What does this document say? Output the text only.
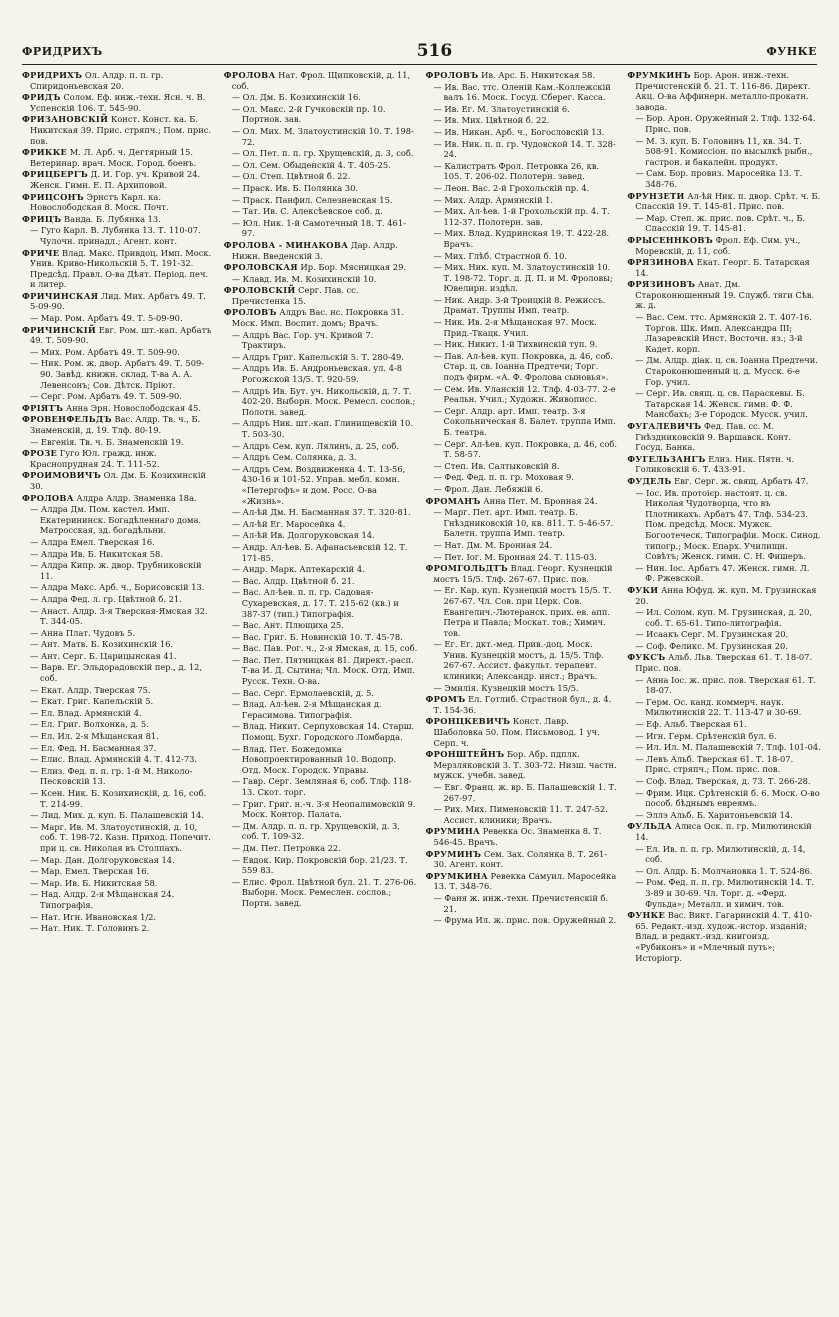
ФРИДРИХЪ	516	ФУНКЕ
ФРИДРИХЪ Ол. Алдр. п. п. гр. Спиридоньевская 20.
ФРИДЪ Солом. Еф. инж.-техн. Ясн. ч. В. Успенскій 106. Т. 545-90.
ФРИЗАНОВСКІЙ Конст. Конст. ка. Б. Никитская 39. Прис. стряпч.; Пом. прис. пов.
ФРИККЕ М. Л. Арб. ч. Дегтярный 15. Ветеринар. врач. Моск. Город. боенъ.
ФРИЦБЕРГЪ Д. И. Гор. уч. Кривой 24. Женск. Гимн. Е. П. Архиповой.
ФРИЦСОНЪ Эрнстъ Карл. ка. Новослободская 8. Моск. Почт.
ФРИЦЪ Ванда. Б. Лубянка 13.
— Гуго Карл. В. Лубянка 13. Т. 110-07. Чулочн. принадл.; Агент. конт.
ФРИЧЕ Влад. Макс. Привдоц. Имп. Моск. Унив. Криво-Никольскій 5. Т. 191-32. Предсѣд. Правл. О-ва Дѣят. Період. печ. и литер.
ФРИЧИНСКАЯ Лид. Мих. Арбатъ 49. Т. 5-09-90.
— Мар. Ром. Арбатъ 49. Т. 5-09-90.
ФРИЧИНСКІЙ Евг. Ром. шт.-кап. Арбатъ 49. Т. 509-90.
— Мих. Ром. Арбатъ 49. Т. 509-90.
— Ник. Ром. ж. двор. Арбатъ 49. Т. 509-90. Завѣд. книжн. склад. Т-ва А. А. Левенсонъ; Сов. Дѣтск. Пріют.
— Серг. Ром. Арбатъ 49. Т. 509-90.
ФРІЯТЪ Анна Эрн. Новослободская 45.
ФРОВЕНФЕЛЬДЪ Вас. Алдр. Тв. ч., Б. Знаменскій, д. 19. Тлф. 80-19.
— Евгенія. Тв. ч. Б. Знаменскій 19.
ФРОЗЕ Гуго Юл. гражд. инж. Краснопрудная 24. Т. 111-52.
ФРОИМОВИЧЪ Ол. Дм. Б. Козихинскій 30.
ФРОЛОВА Алдра Алдр. Знаменка 18а.
— Алдра Дм. Пом. кастел. Имп. Екатерининск. Богадѣленнаго дома. Матросская, зд. богадѣльни.
— Алдра Емел. Тверская 16.
— Алдра Ив. Б. Никитская 58.
— Алдра Кипр. ж. двор. Трубниковскій 11.
— Алдра Макс. Арб. ч., Борисовскій 13.
— Алдра Фед. л. гр. Цвѣтной б. 21.
— Анаст. Алдр. 3-я Тверская-Ямская 32. Т. 344-05.
— Анна Плат. Чудовъ 5.
— Ант. Матв. Б. Козихинскій 16.
— Ант. Серг. Б. Царицынская 41.
— Варв. Ег. Эльдорадовскій пер., д. 12, соб.
— Екат. Алдр. Тверская 75.
— Екат. Григ. Капельскій 5.
— Ел. Влад. Армянскій 4.
— Ел. Григ. Волхонка, д. 5.
— Ел. Ил. 2-я Мѣщанская 81.
— Ел. Фед. Н. Басманная 37.
— Елис. Влад. Армянскій 4. Т. 412-73.
— Елиз. Фед. п. п. гр. 1-й М. Николо-Песковскій 13.
— Ксен. Ник. Б. Козихинскій, д. 16, соб. Т. 214-99.
— Лид. Мих. д. куп. Б. Палашевскій 14.
— Марг. Ив. М. Златоустинскій, д. 10, соб. Т. 198-72. Казн. Приход. Попечит. при ц. св. Николая въ Столпахъ.
— Мар. Дан. Долгоруковская 14.
— Мар. Емел. Тверская 16.
— Мар. Ив. Б. Никитская 58.
— Над. Алдр. 2-я Мѣщанская 24. Типографія.
— Нат. Игн. Ивановская 1/2.
— Нат. Ник. Т. Головинъ 2.
ФРОЛОВА Нат. Фрол. Щипковскій, д. 11, соб.
— Ол. Дм. Б. Козихинскій 16.
— Ол. Макс. 2-й Гучковскій пр. 10. Портнов. зав.
— Ол. Мих. М. Златоустинскій 10. Т. 198-72.
— Ол. Пет. п. п. гр. Хрущевскій, д. 3, соб.
— Ол. Сем. Обыденскій 4. Т. 405-25.
— Ол. Степ. Цвѣтной б. 22.
— Праск. Ив. Б. Полянка 30.
— Праск. Панфил. Селезневская 15.
— Тат. Ив. С. Алексѣевское соб. д.
— Юл. Ник. 1-й Самотечный 18. Т. 461-97.
ФРОЛОВА - МИНАКОВА Дар. Алдр. Нижн. Введенскій 3.
ФРОЛОВСКАЯ Ир. Бор. Мясницкая 29.
— Клавд. Ив. М. Козихинскій 10.
ФРОЛОВСКІЙ Серг. Пав. сс. Пречистенка 15.
ФРОЛОВЪ Алдръ Вас. нс. Покровка 31. Моск. Имп. Воспит. домъ; Врачъ.
— Алдръ Вас. Гор. уч. Кривой 7. Трактиръ.
— Алдръ Григ. Капельскій 5. Т. 280-49.
— Алдръ Ив. Б. Андроньевская. ул. 4-8 Рогожской 13/5. Т. 920-59.
— Алдръ Ив. Бут. уч. Никольскій, д. 7. Т. 402-20. Выборн. Моск. Ремесл. сослов.; Полотн. завед.
— Алдръ Ник. шт.-кап. Глинищевскій 10. Т. 503-30.
— Алдръ Сем. куп. Лялинъ, д. 25, соб.
— Алдръ Сем. Солянка, д. 3.
— Алдръ Сем. Воздвиженка 4. Т. 13-56, 430-16 и 101-52. Управ. мебл. комн. «Петергофъ» и дом. Росс. О-ва «Жизнь».
— Ал-ѣй Дм. Н. Басманная 37. Т. 320-81.
— Ал-ѣй Ег. Маросейка 4.
— Ал-ѣй Ив. Долгоруковская 14.
— Андр. Ал-ѣев. Б. Афанасьевскій 12. Т. 171-85.
— Андр. Марк. Аптекарскій 4.
— Вас. Алдр. Цвѣтной б. 21.
— Вас. Ал-ѣев. п. п. гр. Садовая-Сухаревская, д. 17. Т. 215-62 (кв.) и 387-37 (тип.) Типографія.
— Вас. Ант. Плющиха 25.
— Вас. Григ. Б. Новинскій 10. Т. 45-78.
— Вас. Пав. Рог. ч., 2-я Ямская, д. 15, соб.
— Вас. Пет. Пятницкая 81. Директ.-расп. Т-ва И. Д. Сытина; Чл. Моск. Отд. Имп. Русск. Техн. О-ва.
— Вас. Серг. Ермолаевскій, д. 5.
— Влад. Ал-ѣев. 2-я Мѣщанская д. Герасимова. Типографія.
— Влад. Никит. Серпуховская 14. Старш. Помощ. Бухг. Городского Ломбарда.
— Влад. Пет. Божедомка Новопроектированный 10. Водопр. Отд. Моск. Городск. Управы.
— Гавр. Серг. Земляная 6, соб. Тлф. 118-13. Скот. торг.
— Григ. Григ. н.-ч. 3-я Неопалимовскій 9. Моск. Контор. Палата.
— Дм. Алдр. п. п. гр. Хрущевскій, д. 3, соб. Т. 109-32.
— Дм. Пет. Петровка 22.
— Евдок. Кир. Покровскій бор. 21/23. Т. 559 83.
— Елис. Фрол. Цвѣтной бул. 21. Т. 276-06. Выборн. Моск. Ремеслен. сослов.; Портн. завед.
ФРОЛОВЪ Ив. Арс. Б. Никитская 58.
— Ив. Вас. ттс. Оленій Кам.-Коллежскій валъ 16. Моск. Госуд. Сберег. Касса.
— Ив. Ег. М. Златоустинскій 6.
— Ив. Мих. Цвѣтной б. 22.
— Ив. Никан. Арб. ч., Богословскій 13.
— Ив. Ник. п. п. гр. Чудовской 14. Т. 328-24.
— Калистратъ Фрол. Петровка 26, кв. 105. Т. 206-02. Полотерн. завед.
— Леон. Вас. 2-й Грохольскій пр. 4.
— Мих. Алдр. Армянскій 1.
— Мих. Ал-ѣев. 1-й Грохольскій пр. 4. Т. 112-37. Полотерн. зав.
— Мих. Влад. Кудринская 19. Т. 422-28. Врачъ.
— Мих. Глѣб. Страстной б. 10.
— Мих. Ник. куп. М. Златоустинскій 10. Т. 198-72. Торг. д. Д. П. и М. Фроловы; Ювелирн. издѣл.
— Ник. Андр. 3-й Троицкій 8. Режиссъ. Драмат. Труппы Имп. театр.
— Ник. Ив. 2-я Мѣщанская 97. Моск. Прид.-Ткацк. Учил.
— Ник. Никит. 1-й Тихвинскій туп. 9.
— Пав. Ал-ѣев. куп. Покровка, д. 46, соб. Стар. ц. св. Іоанна Предтечи; Торг. подъ фирм. «А. Ф. Фролова сыновья».
— Сем. Ив. Уланскій 12. Тлф. 4-03-77. 2-е Реальн. Учил.; Художн. Живописс.
— Серг. Алдр. арт. Имп. театр. 3-я Сокольническая 8. Балет. труппа Имп. Б. театра.
— Серг. Ал-ѣев. куп. Покровка, д. 46, соб. Т. 58-57.
— Степ. Ив. Салтыковскій 8.
— Фед. Фед. п. п. гр. Моховая 9.
— Фрол. Дан. Лебяжій 6.
ФРОМАНЪ Анна Пет. М. Бронная 24.
— Марг. Пет. арт. Имп. театр. Б. Гнѣздниковскій 10, кв. 811. Т. 5-46-57. Балетн. труппа Имп. театр.
— Нат. Дм. М. Бронная 24.
— Пет. Іог. М. Бронная 24. Т. 115-03.
ФРОМГОЛЬДТЪ Влад. Георг. Кузнецкій мостъ 15/5. Тлф. 267-67. Прис. пов.
— Ег. Кар. куп. Кузнецкій мостъ 15/5. Т. 267-67. Чл. Сов. при Церк. Сов. Евангелич.-Лютеранск. прих. ев. апп. Петра и Павла; Москат. тов.; Химич. тов.
— Ег. Ег. дкт.-мед. Прив.-доц. Моск. Унив. Кузнецкій мостъ, д. 15/5. Тлф. 267-67. Ассист. факульт. терапевт. клиники; Александр. инст.; Врачъ.
— Эмилія. Кузнецкій мостъ 15/5.
ФРОМЪ Ел. Готлиб. Страстной бул., д. 4. Т. 154-36.
ФРОНЦКЕВИЧЪ Конст. Лавр. Шаболовка 50. Пом. Письмовод. 1 уч. Серп. ч.
ФРОНШТЕЙНЪ Бор. Абр. пдплк. Мерзляковскій 3. Т. 303-72. Низш. частн. мужск. учебн. завед.
— Евг. Франц. ж. вр. Б. Палашевскій 1. Т. 267-97.
— Рих. Мих. Пименовскій 11. Т. 247-52. Ассист. клиники; Врачъ.
ФРУМИНА Ревекка Ос. Знаменка 8. Т. 546-45. Врачъ.
ФРУМИНЪ Сем. Зах. Солянка 8. Т. 261-30. Агент. конт.
ФРУМКИНА Ревекка Самуил. Маросейка 13. Т. 348-76.
— Фаня ж. инж.-техн. Пречистенскій б. 21.
— Фрума Ил. ж. прис. пов. Оружейный 2.
ФРУМКИНЪ Бор. Арон. инж.-техн. Пречистенскій б. 21. Т. 116-86. Директ. Акц. О-ва Аффинерн. металло-прокатн. завода.
— Бор. Арон. Оружейный 2. Тлф. 132-64. Прис. пов.
— М. З. куп. Б. Головинъ 11, кв. 34. Т. 508-91. Комиссіон. по высылкѣ рыбн., гастрон. и бакалейн. продукт.
— Сам. Бор. провиз. Маросейка 13. Т. 348-76.
ФРУНЗЕТИ Ал-ѣй Ник. п. двор. Срѣт. ч. Б. Спасскій 19. Т. 145-81. Прис. пов.
— Мар. Степ. ж. прис. пов. Срѣт. ч., Б. Спасскій 19. Т. 145-81.
ФРЫСЕННКОВЪ Фрол. Еф. Сим. уч., Моревскій, д. 11, соб.
ФРЯЗИНОВА Екат. Георг. Б. Татарская 14.
ФРЯЗИНОВЪ Анат. Дм. Староконюшенный 19. Служб. тяги Сѣв. ж. д.
— Вас. Сем. ттс. Армянскій 2. Т. 407-16. Торгов. Шк. Имп. Александра III; Лазаревскій Инст. Восточн. яз.; 3-й Кадет. корп.
— Дм. Алдр. діак. ц. св. Іоанна Предтечи. Староконюшенный ц. д. Мусск. 6-е Гор. учил.
— Серг. Ив. свящ. ц. св. Параскевы. Б. Татарская 14. Женск. гимн. Ф. Ф. Мансбахъ; 3-е Городск. Мусск. учил.
ФУГАЛЕВИЧЪ Фед. Пав. сс. М. Гнѣздниковскій 9. Варшавск. Конт. Госуд. Банка.
ФУГЕЛЬЗАНГЪ Елиз. Ник. Пятн. ч. Голиковскій 6. Т. 433-91.
ФУДЕЛЬ Евг. Серг. ж. свящ. Арбатъ 47.
— Іос. Ив. протоієр. настоят. ц. св. Николая Чудотворца, что въ Плотникахъ. Арбатъ 47. Тлф. 534-23. Пом. предсѣд. Моск. Мужск. Богоотеческ. Типографіи. Моск. Синод. типогр.; Моск. Епарх. Училищн. Совѣтъ; Женск. гимн. С. Н. Фишеръ.
— Нин. Іос. Арбатъ 47. Женск. гимн. Л. Ф. Ржевской.
ФУКИ Анна Юфуд. ж. куп. М. Грузинская 20.
— Ил. Солом. куп. М. Грузинская, д. 20, соб. Т. 65-61. Типо-литографія.
— Исаакъ Серг. М. Грузинская 20.
— Соф. Феликс. М. Грузинская 20.
ФУКСЪ Альб. Льв. Тверская 61. Т. 18-07. Прис. пов.
— Анна Іос. ж. прис. пов. Тверская 61. Т. 18-07.
— Герм. Ос. канд. коммерч. наук. Милютинскій 22. Т. 113-47 и 30-69.
— Еф. Альб. Тверская 61.
— Игн. Герм. Срѣтенскій бул. 6.
— Ил. Ил. М. Палашевскій 7. Тлф. 101-04.
— Левъ Альб. Тверская 61. Т. 18-07. Прис. стряпч.; Пом. прис. пов.
— Соф. Влад. Тверская, д. 73. Т. 266-28.
— Фрим. Ицк. Срѣтенскій б. 6. Моск. О-во пособ. бѣднымъ евреямъ.
— Эллэ Альб. Б. Харитоньевскій 14.
ФУЛЬДА Алиса Оск. п. гр. Милютинскій 14.
— Ел. Ив. п. п. гр. Милютинскій, д. 14, соб.
— Ол. Алдр. Б. Молчановка 1. Т. 524-86.
— Ром. Фед. п. п. гр. Милютинскій 14. Т. 3-89 и 30-69. Чл. Торг. д. «Ферд. Фульда»; Металл. и химич. тов.
ФУНКЕ Вас. Викт. Гагаринскій 4. Т. 410-65. Редакт.-изд. худож.-истор. изданій; Влад. и редакт.-изд. книгоизд. «Рубиконъ» и «Млечный путь»; Исторіогр.
